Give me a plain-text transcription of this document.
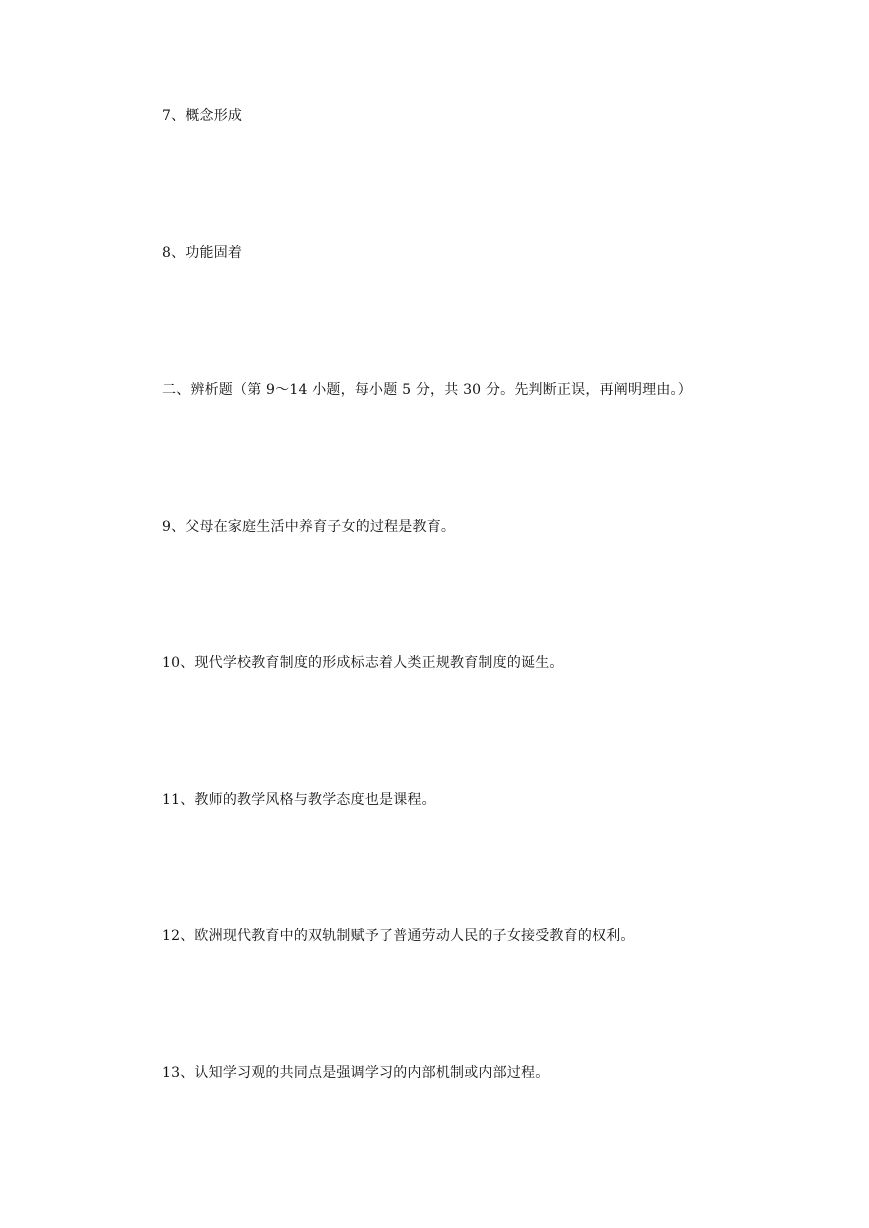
7、概念形成
8、功能固着
二、辨析题（第 9～14 小题，每小题 5 分，共 30 分。先判断正误，再阐明理由。）
9、父母在家庭生活中养育子女的过程是教育。
10、现代学校教育制度的形成标志着人类正规教育制度的诞生。
11、教师的教学风格与教学态度也是课程。
12、欧洲现代教育中的双轨制赋予了普通劳动人民的子女接受教育的权利。
13、认知学习观的共同点是强调学习的内部机制或内部过程。
